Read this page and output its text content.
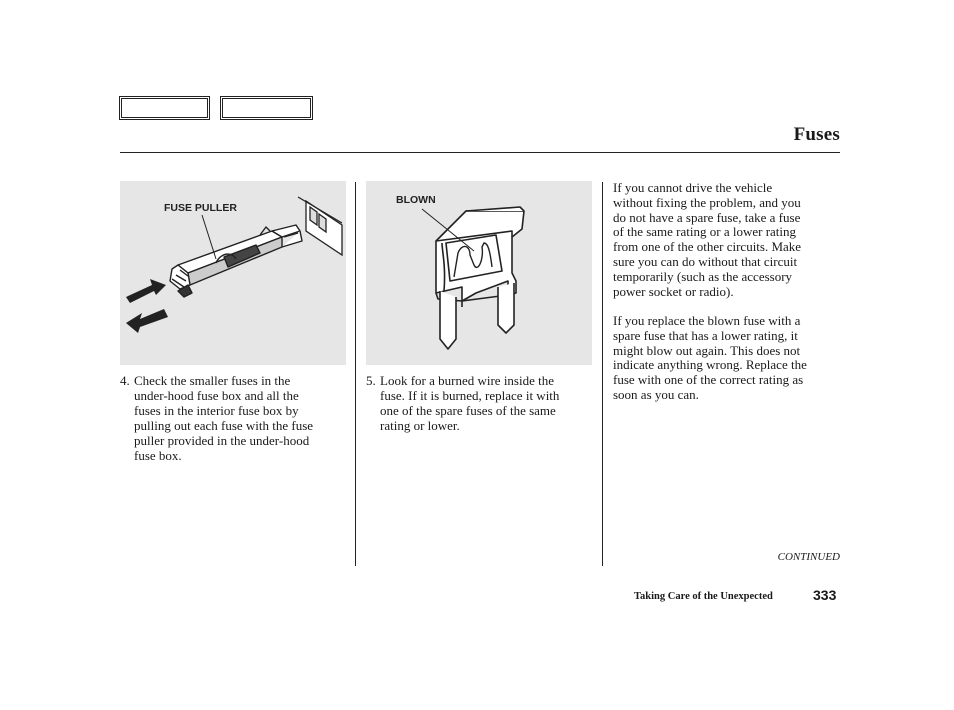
Fuses
FUSE PULLER
BLOWN
4. Check the smaller fuses in the
under-hood fuse box and all the
fuses in the interior fuse box by
pulling out each fuse with the fuse
puller provided in the under-hood
fuse box.
5. Look for a burned wire inside the
fuse. If it is burned, replace it with
one of the spare fuses of the same
rating or lower.
If you cannot drive the vehicle
without fixing the problem, and you
do not have a spare fuse, take a fuse
of the same rating or a lower rating
from one of the other circuits. Make
sure you can do without that circuit
temporarily (such as the accessory
power socket or radio).
If you replace the blown fuse with a
spare fuse that has a lower rating, it
might blow out again. This does not
indicate anything wrong. Replace the
fuse with one of the correct rating as
soon as you can.
CONTINUED
Taking Care of the Unexpected	333
